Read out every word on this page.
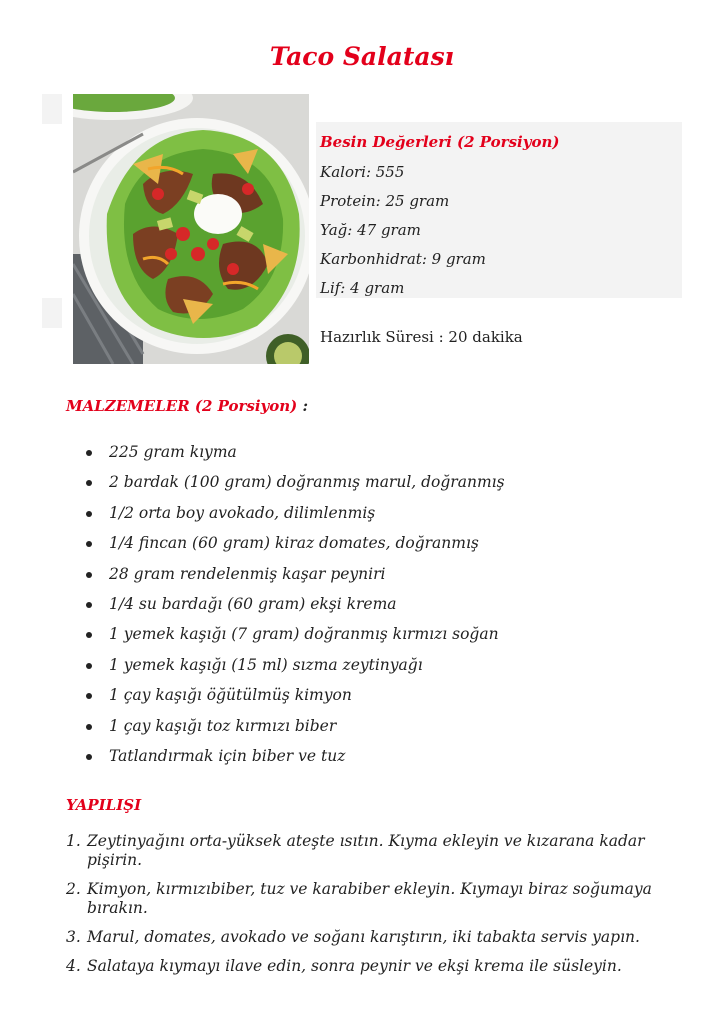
Taco Salatası
Besin Değerleri (2 Porsiyon)
Kalori: 555
Protein: 25 gram
Yağ: 47 gram
Karbonhidrat: 9 gram
Lif: 4 gram
Hazırlık Süresi : 20 dakika
MALZEMELER (2 Porsiyon) :
225 gram kıyma
2 bardak (100 gram) doğranmış marul, doğranmış
1/2 orta boy avokado, dilimlenmiş
1/4 fincan (60 gram) kiraz domates, doğranmış
28 gram rendelenmiş kaşar peyniri
1/4 su bardağı (60 gram) ekşi krema
1 yemek kaşığı (7 gram) doğranmış kırmızı soğan
1 yemek kaşığı (15 ml) sızma zeytinyağı
1 çay kaşığı öğütülmüş kimyon
1 çay kaşığı toz kırmızı biber
Tatlandırmak için biber ve tuz
YAPILIŞI
1. Zeytinyağını orta-yüksek ateşte ısıtın. Kıyma ekleyin ve kızarana kadar pişirin.
2. Kimyon, kırmızıbiber, tuz ve karabiber ekleyin. Kıymayı biraz soğumaya bırakın.
3. Marul, domates, avokado ve soğanı karıştırın, iki tabakta servis yapın.
4. Salataya kıymayı ilave edin, sonra peynir ve ekşi krema ile süsleyin.
